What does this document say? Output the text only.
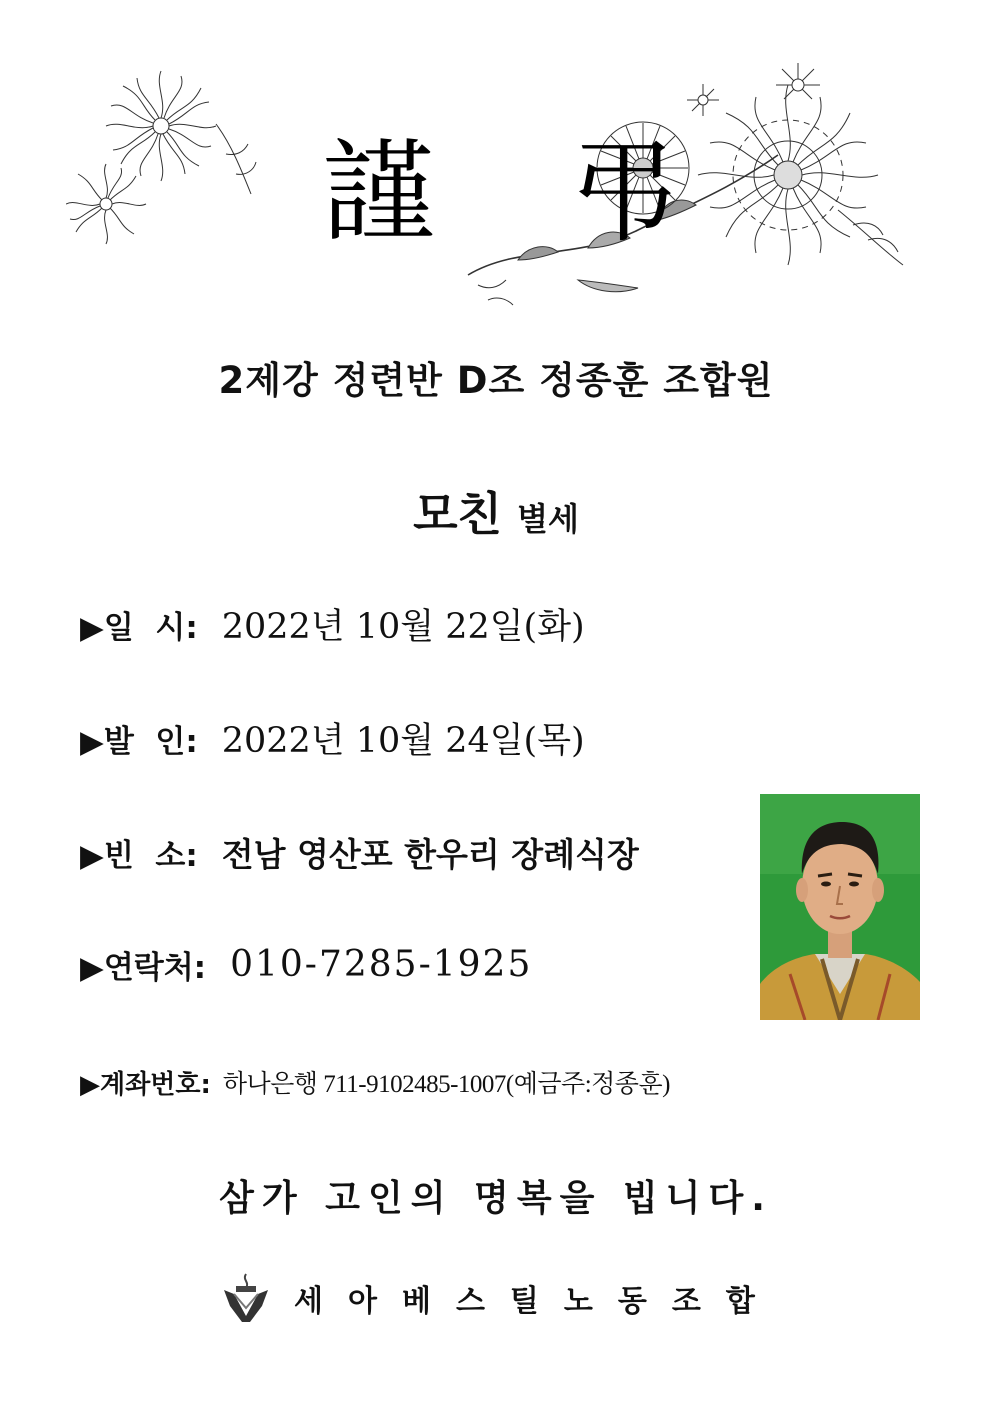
謹 弔
2제강 정련반 D조 정종훈 조합원
모친 별세
▶일  시: 2022년 10월 22일(화)
▶발  인: 2022년 10월 24일(목)
▶빈  소: 전남 영산포 한우리 장례식장
▶연락처: 010-7285-1925
▶계좌번호: 하나은행 711-9102485-1007(예금주:정종훈)
삼가 고인의 명복을 빕니다.
세아베스틸노동조합
